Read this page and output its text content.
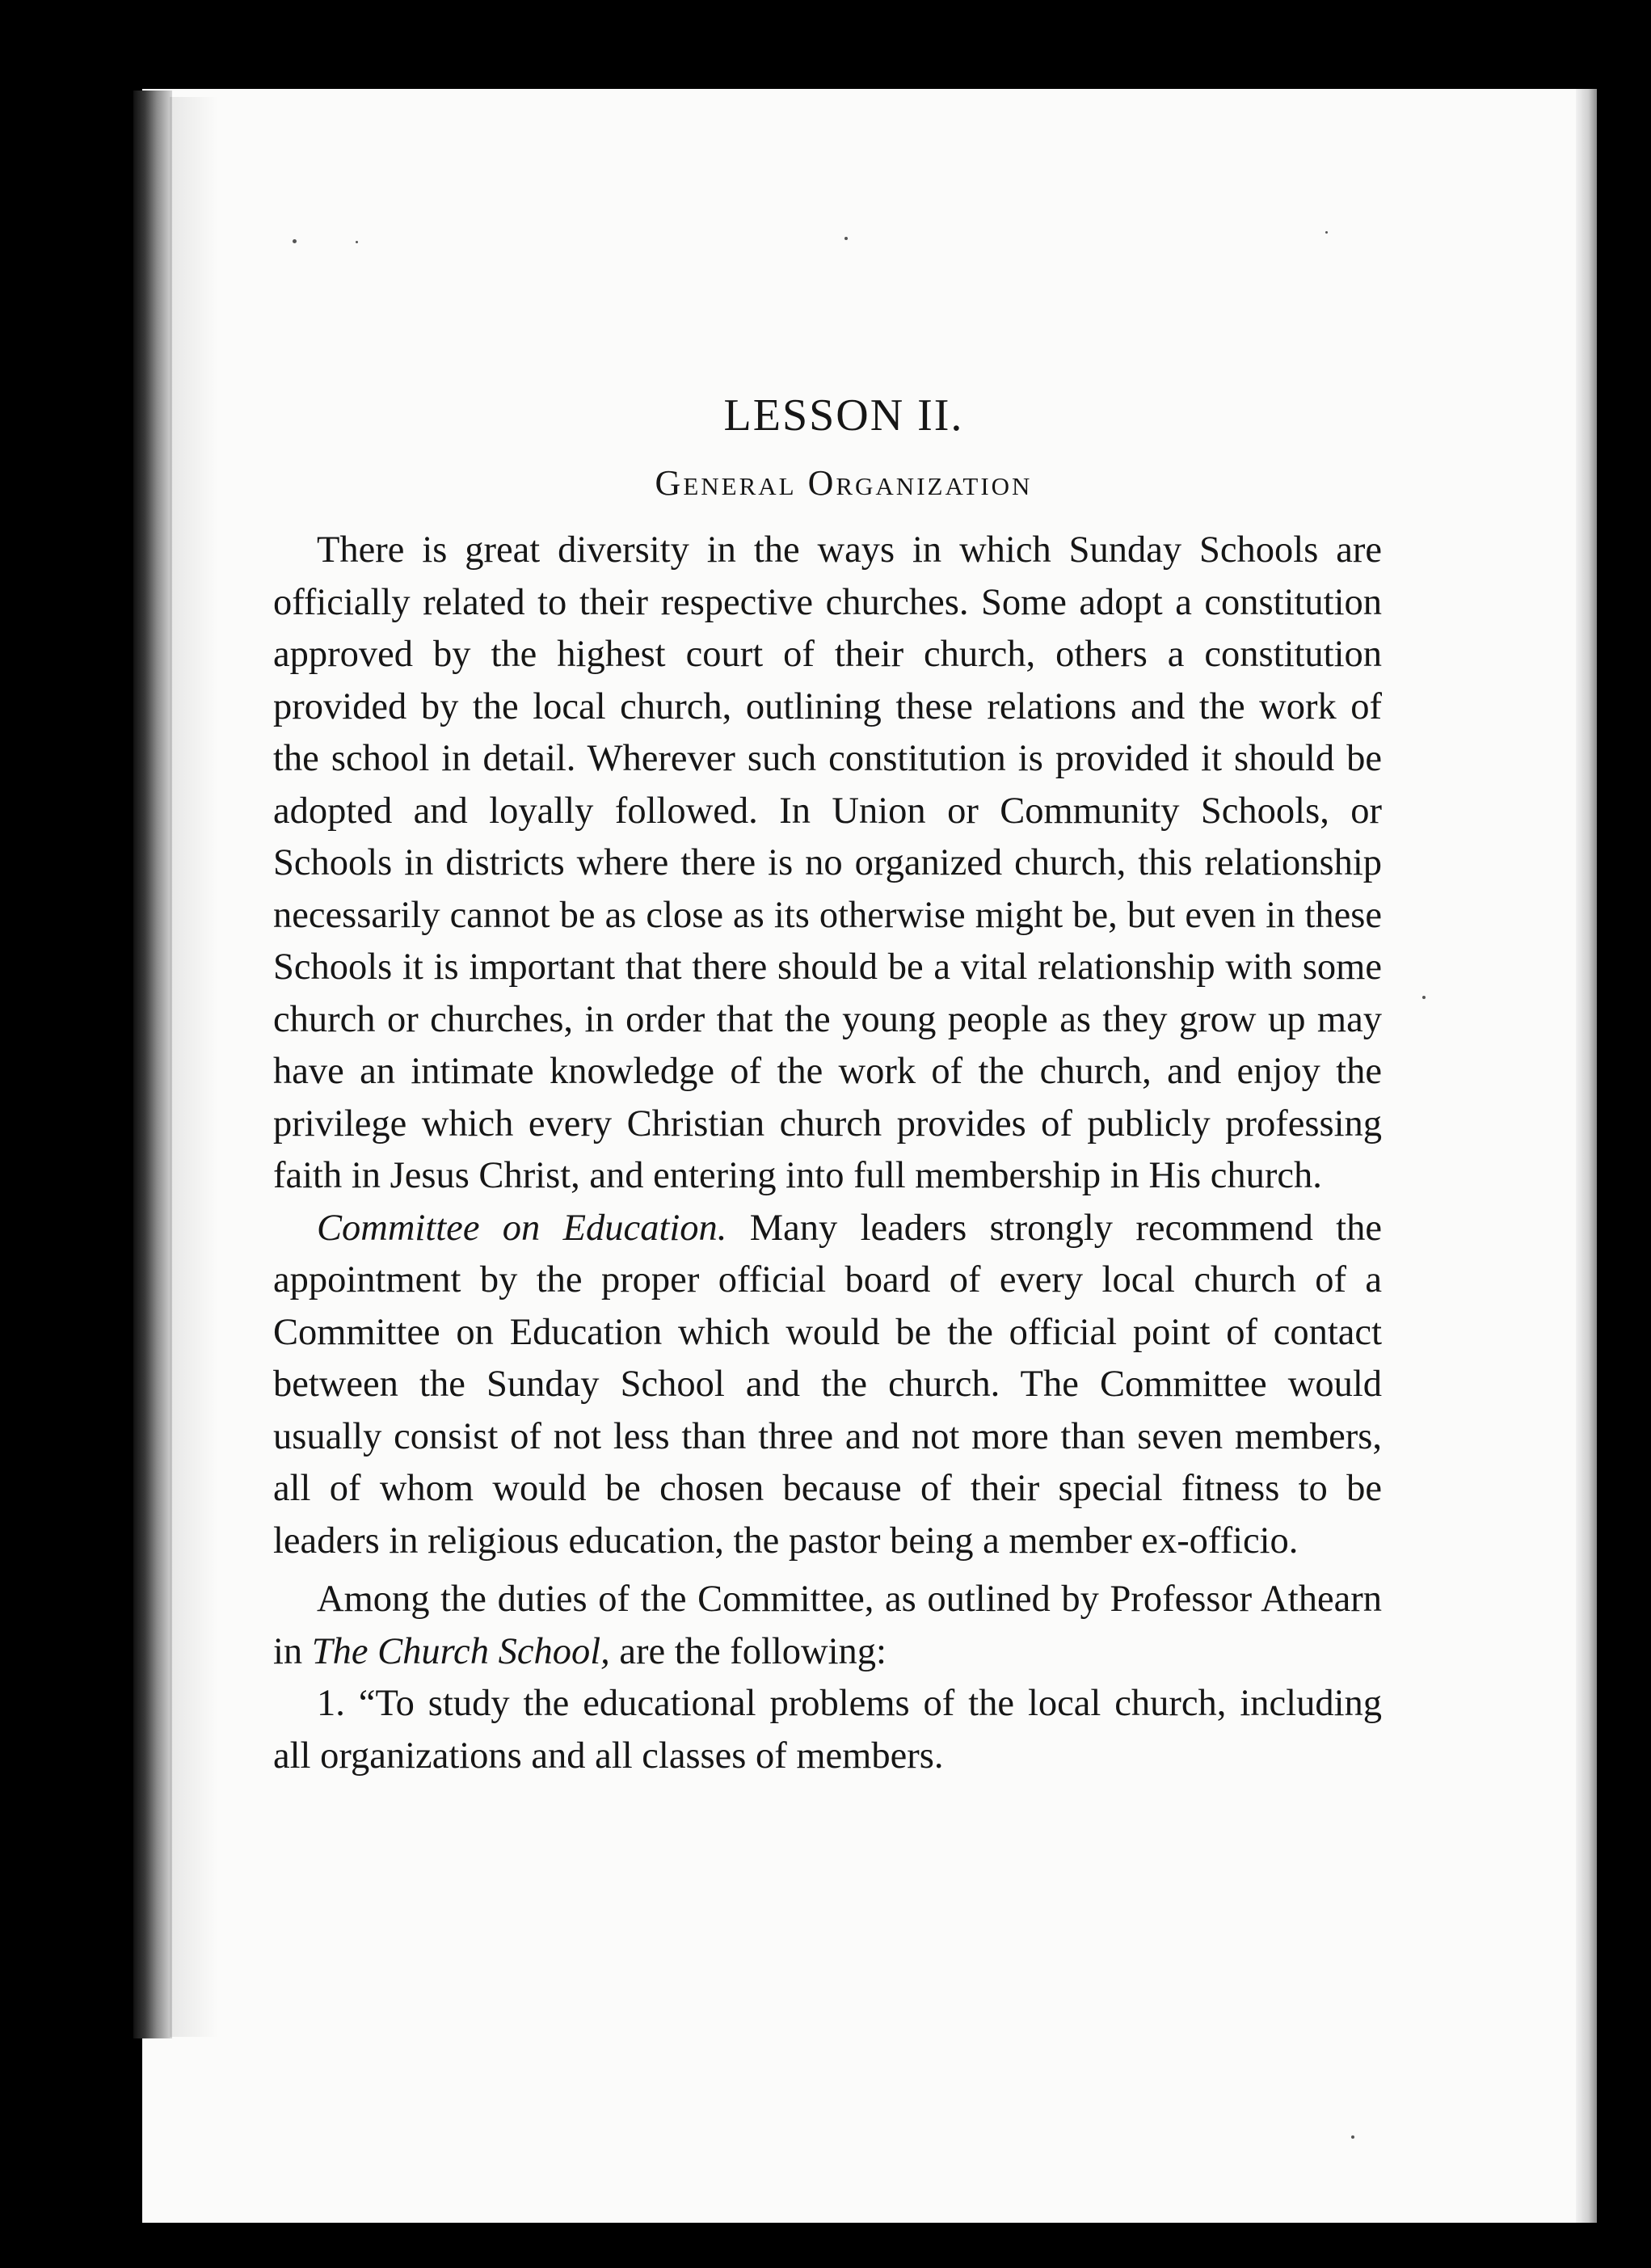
LESSON II.
General Organization

There is great diversity in the ways in which Sunday Schools are officially related to their respective churches. Some adopt a constitution approved by the highest court of their church, others a constitution provided by the local church, outlining these relations and the work of the school in detail. Wherever such constitution is provided it should be adopted and loyally followed. In Union or Community Schools, or Schools in districts where there is no organized church, this relationship necessarily cannot be as close as its otherwise might be, but even in these Schools it is important that there should be a vital relationship with some church or churches, in order that the young people as they grow up may have an intimate knowledge of the work of the church, and enjoy the privilege which every Christian church provides of publicly professing faith in Jesus Christ, and entering into full membership in His church.

Committee on Education. Many leaders strongly recommend the appointment by the proper official board of every local church of a Committee on Education which would be the official point of contact between the Sunday School and the church. The Committee would usually consist of not less than three and not more than seven members, all of whom would be chosen because of their special fitness to be leaders in religious education, the pastor being a member ex-officio.

Among the duties of the Committee, as outlined by Professor Athearn in The Church School, are the following:

1. “To study the educational problems of the local church, including all organizations and all classes of members.
